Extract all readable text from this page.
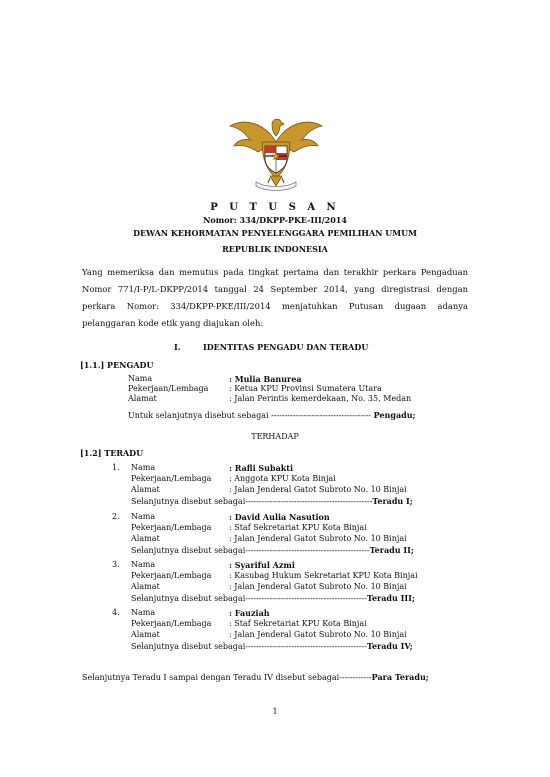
P U T U S A N
Nomor: 334/DKPP-PKE-III/2014
DEWAN KEHORMATAN PENYELENGGARA PEMILIHAN UMUM
REPUBLIK INDONESIA
Yang memeriksa dan memutus pada tingkat pertama dan terakhir perkara Pengaduan
Nomor 771/I-P/L-DKPP/2014 tanggal 24 September 2014, yang diregistrasi dengan
perkara Nomor: 334/DKPP-PKE/III/2014 menjatuhkan Putusan dugaan adanya
pelanggaran kode etik yang diajukan oleh:
I.	IDENTITAS PENGADU DAN TERADU
[1.1.] PENGADU
Nama	: Mulia Banurea
Pekerjaan/Lembaga	: Ketua KPU Provinsi Sumatera Utara
Alamat	: Jalan Perintis kemerdekaan, No. 35, Medan
Untuk selanjutnya disebut sebagai ------------------------------------- Pengadu;
TERHADAP
[1.2] TERADU
1. Nama	: Rafli Subakti
Pekerjaan/Lembaga : Anggota KPU Kota Binjai
Alamat	: Jalan Jenderal Gatot Subroto No. 10 Binjai
Selanjutnya disebut sebagai-----------------------------------------------Teradu I;
2. Nama	: David Aulia Nasution
Pekerjaan/Lembaga : Staf Sekretariat KPU Kota Binjai
Alamat	: Jalan Jenderal Gatot Subroto No. 10 Binjai
Selanjutnya disebut sebagai----------------------------------------------Teradu II;
3. Nama	: Syariful Azmi
Pekerjaan/Lembaga : Kasubag Hukum Sekretariat KPU Kota Binjai
Alamat	: Jalan Jenderal Gatot Subroto No. 10 Binjai
Selanjutnya disebut sebagai---------------------------------------------Teradu III;
4. Nama	: Fauziah
Pekerjaan/Lembaga : Staf Sekretariat KPU Kota Binjai
Alamat	: Jalan Jenderal Gatot Subroto No. 10 Binjai
Selanjutnya disebut sebagai---------------------------------------------Teradu IV;
Selanjutnya Teradu I sampai dengan Teradu IV disebut sebagai------------Para Teradu;
1
